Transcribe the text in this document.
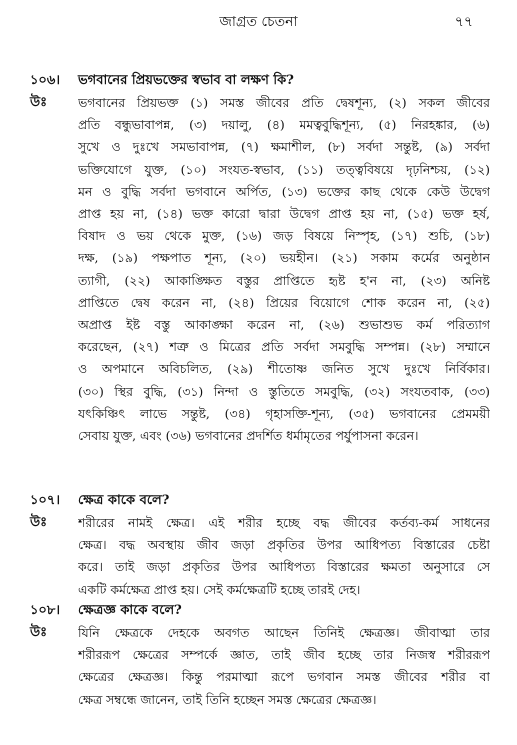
জাগ্রত চেতনা	৭৭
১০৬। ভগবানের প্রিয়ভক্তের স্বভাব বা লক্ষণ কি?
উঃ ভগবানের প্রিয়ভক্ত (১) সমস্ত জীবের প্রতি দ্বেষশূন্য, (২) সকল জীবের
প্রতি বন্ধুভাবাপন্ন, (৩) দয়ালু, (৪) মমত্ববুদ্ধিশূন্য, (৫) নিরহঙ্কার, (৬)
সুখে ও দুঃখে সমভাবাপন্ন, (৭) ক্ষমাশীল, (৮) সর্বদা সন্তুষ্ট, (৯) সর্বদা
ভক্তিযোগে যুক্ত, (১০) সংযত-স্বভাব, (১১) তত্ত্ববিষয়ে দৃঢ়নিশ্চয়, (১২)
মন ও বুদ্ধি সর্বদা ভগবানে অর্পিত, (১৩) ভক্তের কাছ থেকে কেউ উদ্বেগ
প্রাপ্ত হয় না, (১৪) ভক্ত কারো দ্বারা উদ্বেগ প্রাপ্ত হয় না, (১৫) ভক্ত হর্ষ,
বিষাদ ও ভয় থেকে মুক্ত, (১৬) জড় বিষয়ে নিস্পৃহ, (১৭) শুচি, (১৮)
দক্ষ, (১৯) পক্ষপাত শূন্য, (২০) ভয়হীন। (২১) সকাম কর্মের অনুষ্ঠান
ত্যাগী, (২২) আকাঙ্ক্ষিত বস্তুর প্রাপ্তিতে হৃষ্ট হ'ন না, (২৩) অনিষ্ট
প্রাপ্তিতে দ্বেষ করেন না, (২৪) প্রিয়ের বিয়োগে শোক করেন না, (২৫)
অপ্রাপ্ত ইষ্ট বস্তু আকাঙ্ক্ষা করেন না, (২৬) শুভাশুভ কর্ম পরিত্যাগ
করেছেন, (২৭) শত্রু ও মিত্রের প্রতি সর্বদা সমবুদ্ধি সম্পন্ন। (২৮) সম্মানে
ও অপমানে অবিচলিত, (২৯) শীতোষ্ণ জনিত সুখে দুঃখে নির্বিকার।
(৩০) স্থির বুদ্ধি, (৩১) নিন্দা ও স্তুতিতে সমবুদ্ধি, (৩২) সংযতবাক, (৩৩)
যৎকিঞ্চিৎ লাভে সন্তুষ্ট, (৩৪) গৃহাসক্তি-শূন্য, (৩৫) ভগবানের প্রেমময়ী
সেবায় যুক্ত, এবং (৩৬) ভগবানের প্রদর্শিত ধর্মামৃতের পর্যুপাসনা করেন।
১০৭। ক্ষেত্র কাকে বলে?
উঃ শরীরের নামই ক্ষেত্র। এই শরীর হচ্ছে বদ্ধ জীবের কর্তব্য-কর্ম সাধনের
ক্ষেত্র। বদ্ধ অবস্থায় জীব জড়া প্রকৃতির উপর আধিপত্য বিস্তারের চেষ্টা
করে। তাই জড়া প্রকৃতির উপর আধিপত্য বিস্তারের ক্ষমতা অনুসারে সে
একটি কর্মক্ষেত্র প্রাপ্ত হয়। সেই কর্মক্ষেত্রটি হচ্ছে তারই দেহ।
১০৮। ক্ষেত্রজ্ঞ কাকে বলে?
উঃ যিনি ক্ষেত্রকে দেহকে অবগত আছেন তিনিই ক্ষেত্রজ্ঞ। জীবাত্মা তার
শরীররূপ ক্ষেত্রের সম্পর্কে জ্ঞাত, তাই জীব হচ্ছে তার নিজস্ব শরীররূপ
ক্ষেত্রের ক্ষেত্রজ্ঞ। কিন্তু পরমাত্মা রূপে ভগবান সমস্ত জীবের শরীর বা
ক্ষেত্র সম্বন্ধে জানেন, তাই তিনি হচ্ছেন সমস্ত ক্ষেত্রের ক্ষেত্রজ্ঞ।
